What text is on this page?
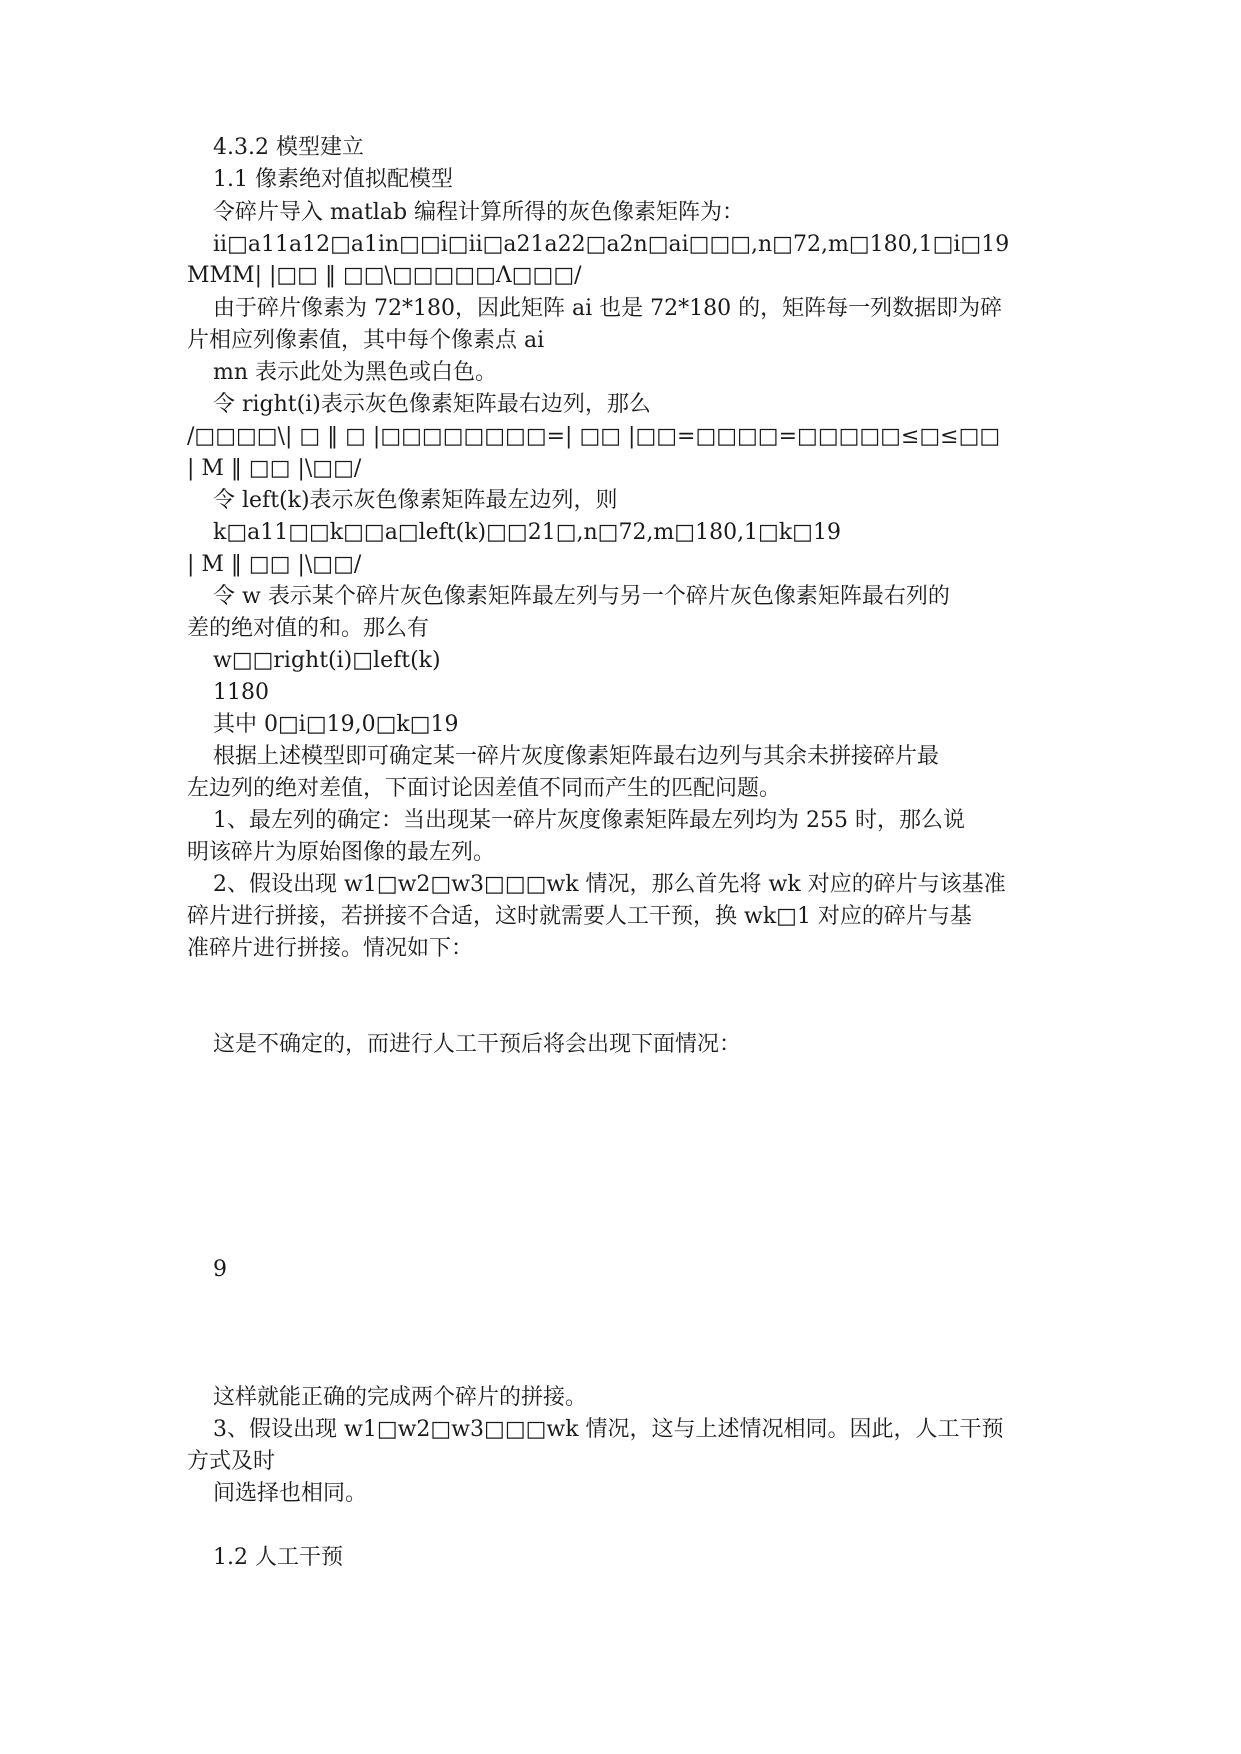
4.3.2 模型建立
1.1 像素绝对值拟配模型
令碎片导入 matlab 编程计算所得的灰色像素矩阵为：
ii□a11a12□a1in□□i□ii□a21a22□a2n□ai□□□,n□72,m□180,1□i□19
MMM| |□□ ‖ □□\□□□□□Λ□□□/
由于碎片像素为 72*180，因此矩阵 ai 也是 72*180 的，矩阵每一列数据即为碎
片相应列像素值，其中每个像素点 ai
mn 表示此处为黑色或白色。
令 right(i)表示灰色像素矩阵最右边列，那么
/□□□□\| □ ‖ □ |□□□□□□□□=| □□ |□□=□□□□=□□□□□≤□≤□□
| M ‖ □□ |\□□/
令 left(k)表示灰色像素矩阵最左边列，则
k□a11□□k□□a□left(k)□□21□,n□72,m□180,1□k□19
| M ‖ □□ |\□□/
令 w 表示某个碎片灰色像素矩阵最左列与另一个碎片灰色像素矩阵最右列的
差的绝对值的和。那么有
w□□right(i)□left(k)
1180
其中 0□i□19,0□k□19
根据上述模型即可确定某一碎片灰度像素矩阵最右边列与其余未拼接碎片最
左边列的绝对差值，下面讨论因差值不同而产生的匹配问题。
1、最左列的确定：当出现某一碎片灰度像素矩阵最左列均为 255 时，那么说
明该碎片为原始图像的最左列。
2、假设出现 w1□w2□w3□□□wk 情况，那么首先将 wk 对应的碎片与该基准
碎片进行拼接，若拼接不合适，这时就需要人工干预，换 wk□1 对应的碎片与基
准碎片进行拼接。情况如下：
这是不确定的，而进行人工干预后将会出现下面情况：
9
这样就能正确的完成两个碎片的拼接。
3、假设出现 w1□w2□w3□□□wk 情况，这与上述情况相同。因此，人工干预
方式及时
间选择也相同。
1.2 人工干预
